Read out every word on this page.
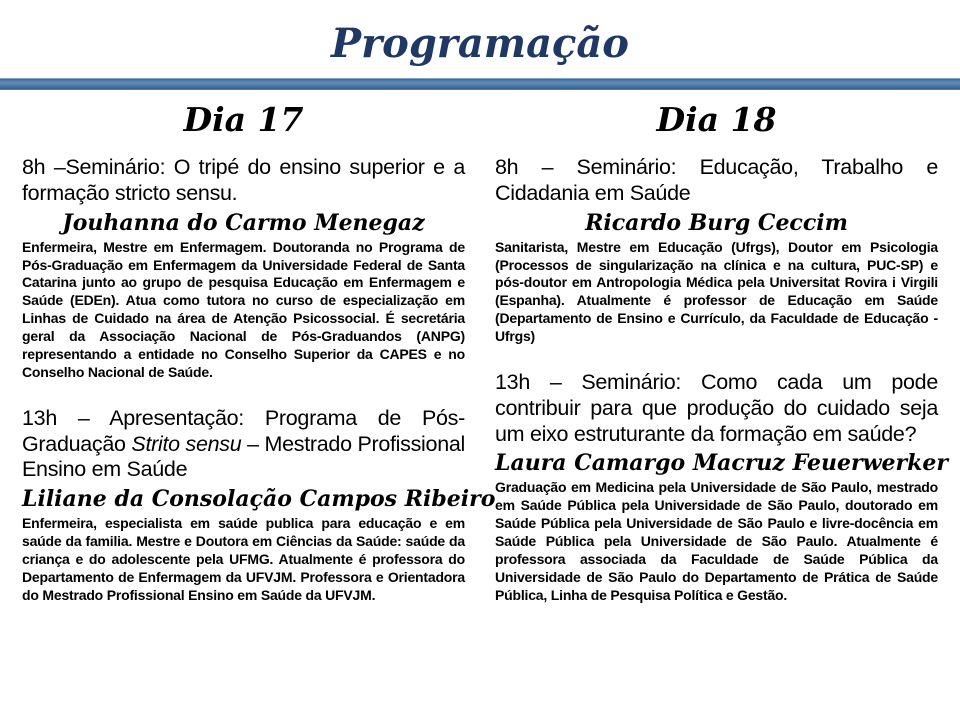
Programação
Dia 17
8h –Seminário: O tripé do ensino superior e a formação stricto sensu.
Jouhanna do Carmo Menegaz
Enfermeira, Mestre em Enfermagem. Doutoranda no Programa de Pós-Graduação em Enfermagem da Universidade Federal de Santa Catarina junto ao grupo de pesquisa Educação em Enfermagem e Saúde (EDEn). Atua como tutora no curso de especialização em Linhas de Cuidado na área de Atenção Psicossocial. É secretária geral da Associação Nacional de Pós-Graduandos (ANPG) representando a entidade no Conselho Superior da CAPES e no Conselho Nacional de Saúde.
13h – Apresentação: Programa de Pós-Graduação Strito sensu – Mestrado Profissional Ensino em Saúde
Liliane da Consolação Campos Ribeiro
Enfermeira, especialista em saúde publica para educação e em saúde da familia. Mestre e Doutora em Ciências da Saúde: saúde da criança e do adolescente pela UFMG. Atualmente é professora do Departamento de Enfermagem da UFVJM. Professora e Orientadora do Mestrado Profissional Ensino em Saúde da UFVJM.
Dia 18
8h – Seminário: Educação, Trabalho e Cidadania em Saúde
Ricardo Burg Ceccim
Sanitarista, Mestre em Educação (Ufrgs), Doutor em Psicologia (Processos de singularização na clínica e na cultura, PUC-SP) e pós-doutor em Antropologia Médica pela Universitat Rovira i Virgili (Espanha). Atualmente é professor de Educação em Saúde (Departamento de Ensino e Currículo, da Faculdade de Educação - Ufrgs)
13h – Seminário: Como cada um pode contribuir para que produção do cuidado seja um eixo estruturante da formação em saúde?
Laura Camargo Macruz Feuerwerker
Graduação em Medicina pela Universidade de São Paulo, mestrado em Saúde Pública pela Universidade de São Paulo, doutorado em Saúde Pública pela Universidade de São Paulo e livre-docência em Saúde Pública pela Universidade de São Paulo. Atualmente é professora associada da Faculdade de Saúde Pública da Universidade de São Paulo do Departamento de Prática de Saúde Pública, Linha de Pesquisa Política e Gestão.
